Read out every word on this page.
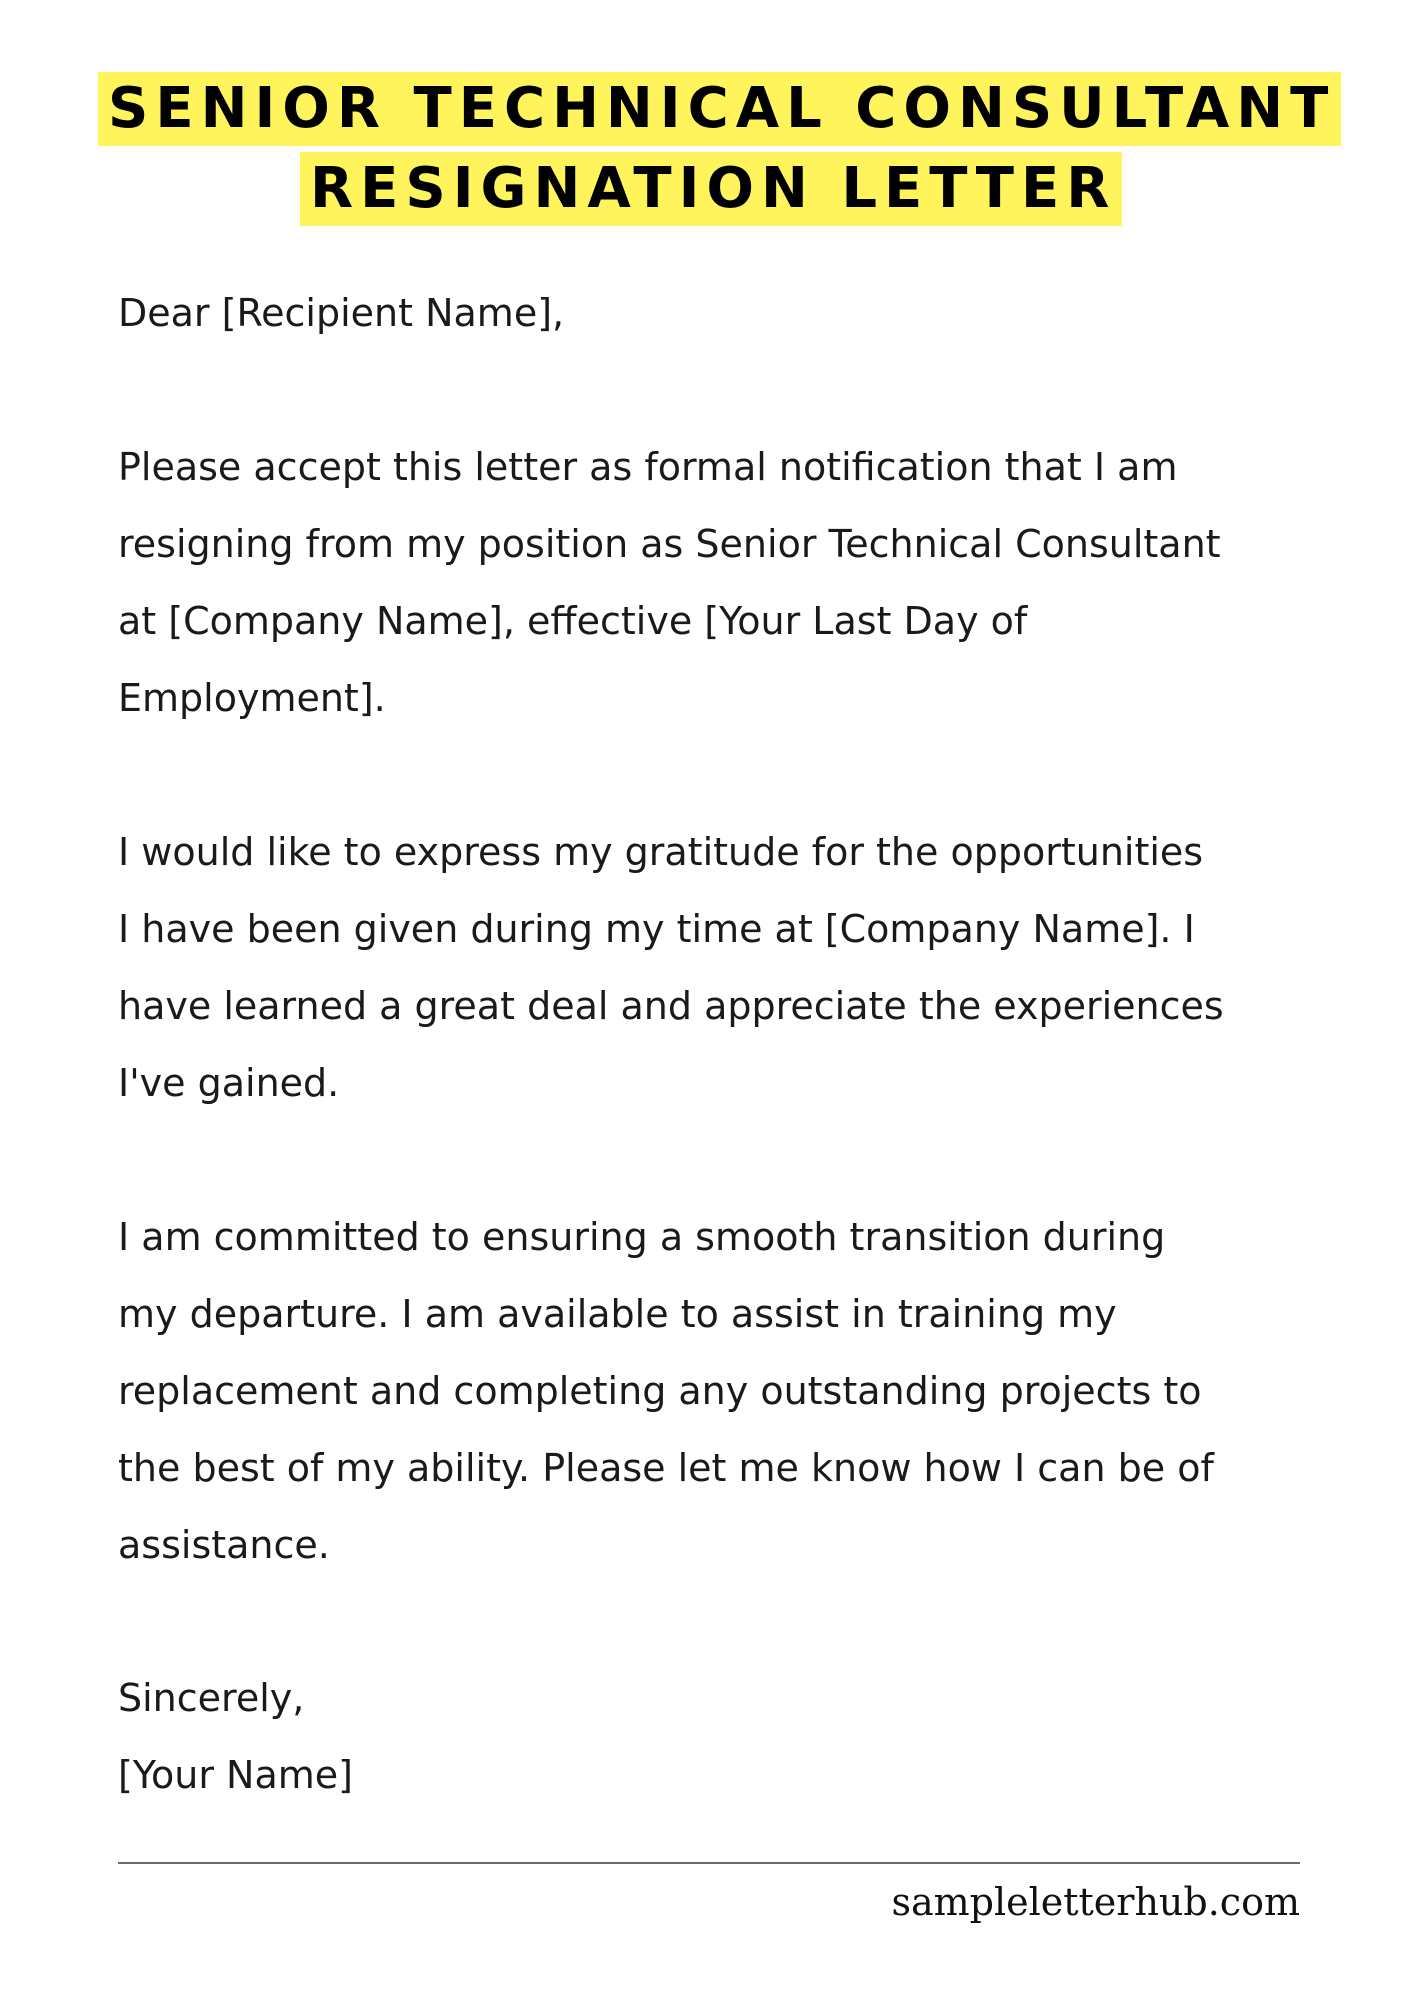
SENIOR TECHNICAL CONSULTANT
RESIGNATION LETTER

Dear [Recipient Name],

Please accept this letter as formal notification that I am
resigning from my position as Senior Technical Consultant
at [Company Name], effective [Your Last Day of
Employment].

I would like to express my gratitude for the opportunities
I have been given during my time at [Company Name]. I
have learned a great deal and appreciate the experiences
I've gained.

I am committed to ensuring a smooth transition during
my departure. I am available to assist in training my
replacement and completing any outstanding projects to
the best of my ability. Please let me know how I can be of
assistance.

Sincerely,

[Your Name]

sampleletterhub.com
